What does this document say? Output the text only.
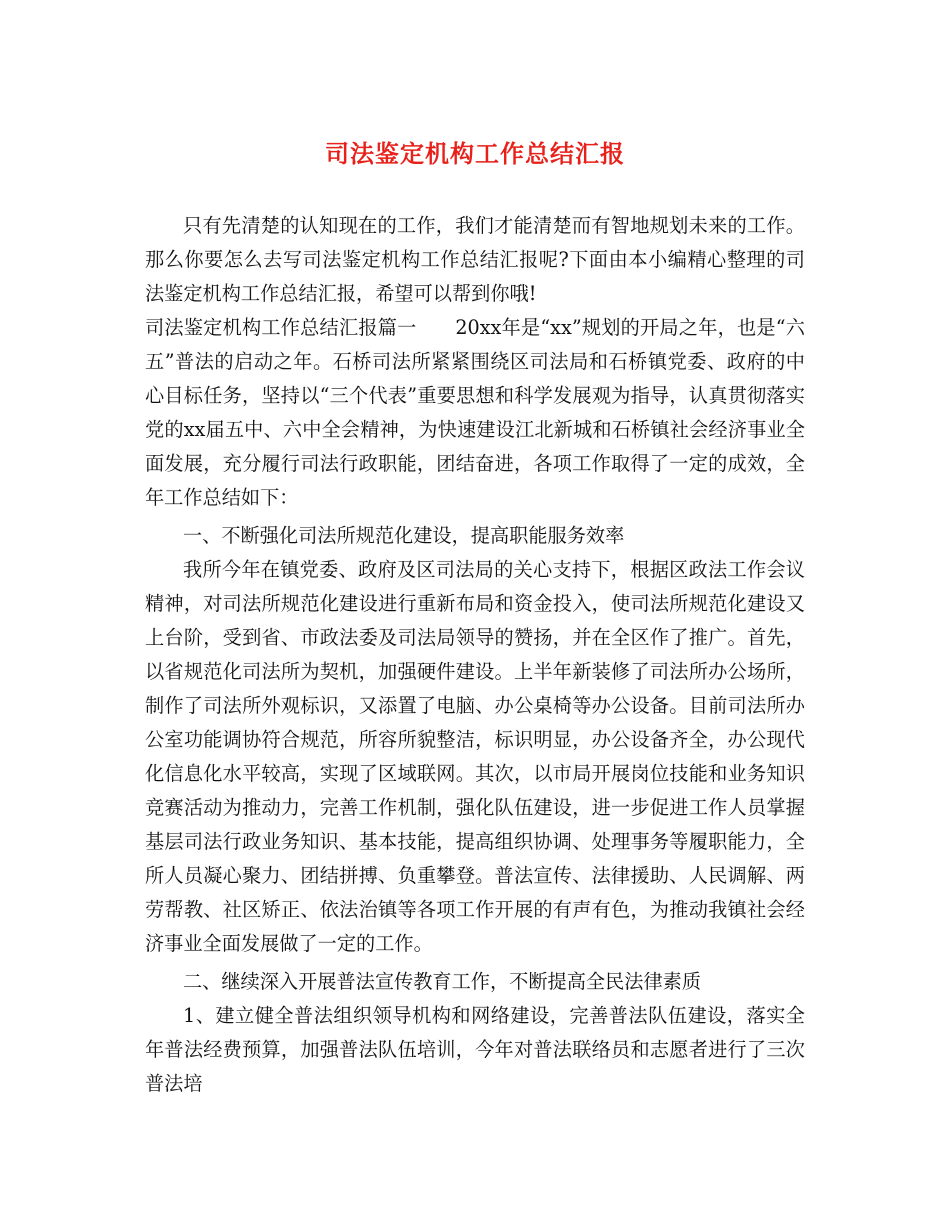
司法鉴定机构工作总结汇报

只有先清楚的认知现在的工作，我们才能清楚而有智地规划未来的工作。那么你要怎么去写司法鉴定机构工作总结汇报呢?下面由本小编精心整理的司法鉴定机构工作总结汇报，希望可以帮到你哦!

司法鉴定机构工作总结汇报篇一　　20xx年是“xx”规划的开局之年，也是“六五”普法的启动之年。石桥司法所紧紧围绕区司法局和石桥镇党委、政府的中心目标任务，坚持以“三个代表”重要思想和科学发展观为指导，认真贯彻落实党的xx届五中、六中全会精神，为快速建设江北新城和石桥镇社会经济事业全面发展，充分履行司法行政职能，团结奋进，各项工作取得了一定的成效，全年工作总结如下：

一、不断强化司法所规范化建设，提高职能服务效率

我所今年在镇党委、政府及区司法局的关心支持下，根据区政法工作会议精神，对司法所规范化建设进行重新布局和资金投入，使司法所规范化建设又上台阶，受到省、市政法委及司法局领导的赞扬，并在全区作了推广。首先，以省规范化司法所为契机，加强硬件建设。上半年新装修了司法所办公场所，制作了司法所外观标识，又添置了电脑、办公桌椅等办公设备。目前司法所办公室功能调协符合规范，所容所貌整洁，标识明显，办公设备齐全，办公现代化信息化水平较高，实现了区域联网。其次，以市局开展岗位技能和业务知识竞赛活动为推动力，完善工作机制，强化队伍建设，进一步促进工作人员掌握基层司法行政业务知识、基本技能，提高组织协调、处理事务等履职能力，全所人员凝心聚力、团结拼搏、负重攀登。普法宣传、法律援助、人民调解、两劳帮教、社区矫正、依法治镇等各项工作开展的有声有色，为推动我镇社会经济事业全面发展做了一定的工作。

二、继续深入开展普法宣传教育工作，不断提高全民法律素质

1、建立健全普法组织领导机构和网络建设，完善普法队伍建设，落实全年普法经费预算，加强普法队伍培训，今年对普法联络员和志愿者进行了三次普法培
